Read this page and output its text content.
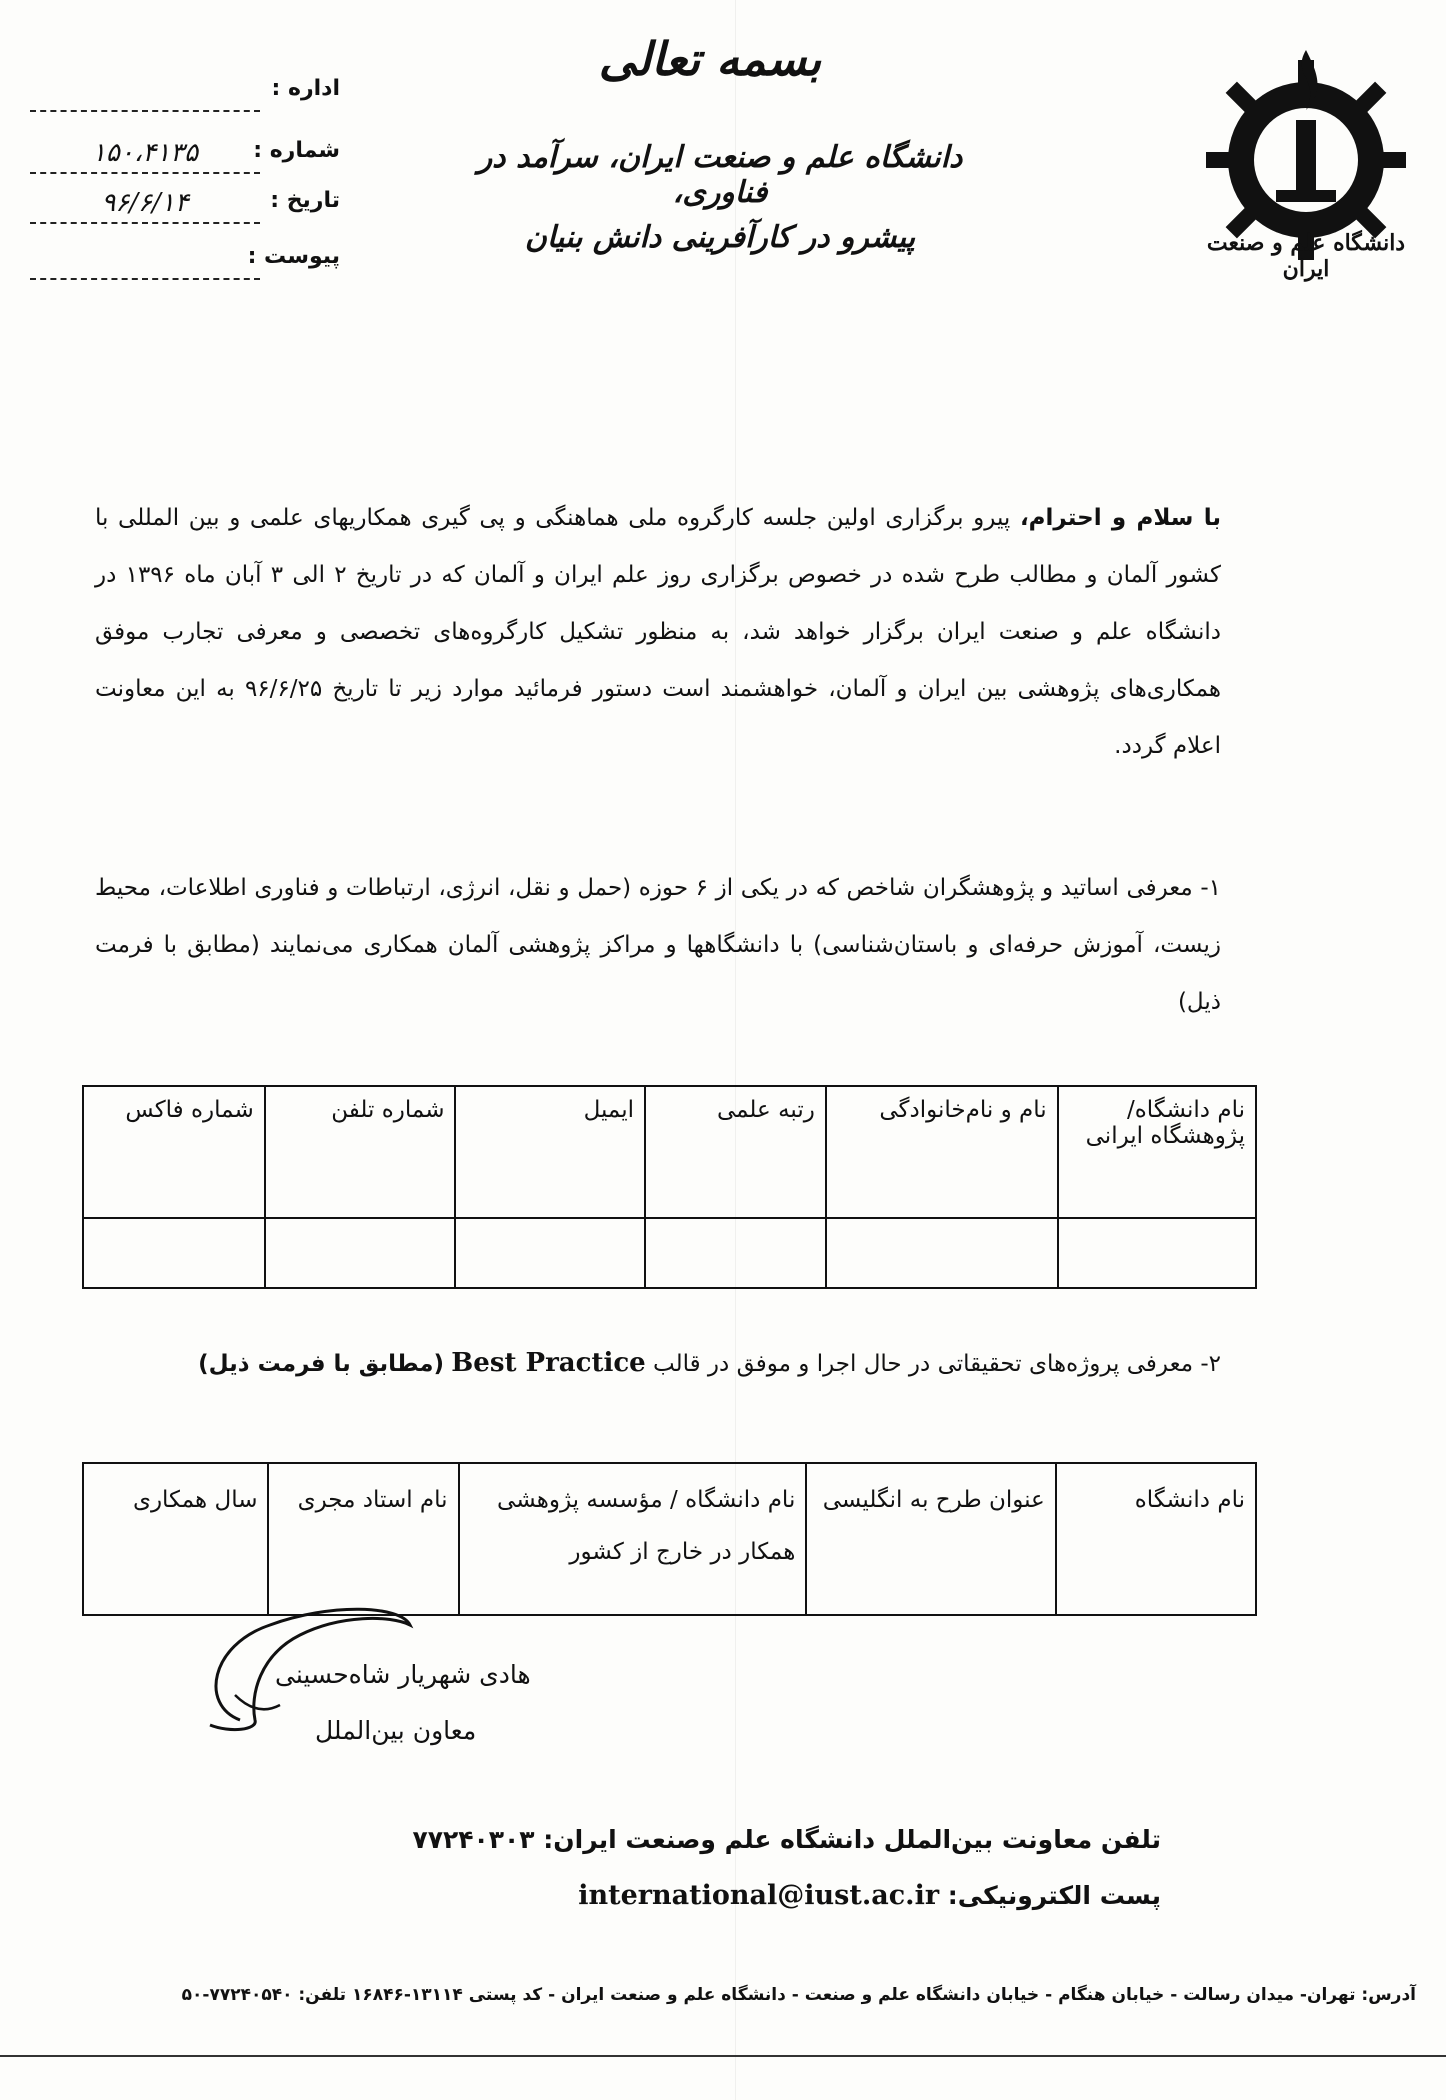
دانشگاه علم و صنعت ایران
بسمه تعالی
دانشگاه علم و صنعت ایران، سرآمد در فناوری،
پیشرو در کارآفرینی دانش بنیان
اداره :
شماره :
۱۵۰،۴۱۳۵
تاریخ :
۹۶/۶/۱۴
پیوست :
با سلام و احترام، پیرو برگزاری اولین جلسه کارگروه ملی هماهنگی و پی گیری همکاریهای علمی و بین المللی با کشور آلمان و مطالب طرح شده در خصوص برگزاری روز علم ایران و آلمان که در تاریخ ۲ الی ۳ آبان ماه ۱۳۹۶ در دانشگاه علم و صنعت ایران برگزار خواهد شد، به منظور تشکیل کارگروه‌های تخصصی و معرفی تجارب موفق همکاری‌های پژوهشی بین ایران و آلمان، خواهشمند است دستور فرمائید موارد زیر تا تاریخ ۹۶/۶/۲۵ به این معاونت اعلام گردد.
۱- معرفی اساتید و پژوهشگران شاخص که در یکی از ۶ حوزه (حمل و نقل، انرژی، ارتباطات و فناوری اطلاعات، محیط زیست، آموزش حرفه‌ای و باستان‌شناسی) با دانشگاهها و مراکز پژوهشی آلمان همکاری می‌نمایند (مطابق با فرمت ذیل)
نام دانشگاه/ پژوهشگاه ایرانی	نام و نام‌خانوادگی	رتبه علمی	ایمیل	شماره تلفن	شماره فاکس

۲- معرفی پروژه‌های تحقیقاتی در حال اجرا و موفق در قالب Best Practice (مطابق با فرمت ذیل)
نام دانشگاه	عنوان طرح به انگلیسی	نام دانشگاه / مؤسسه پژوهشی همکار در خارج از کشور	نام استاد مجری	سال همکاری
هادی شهریار شاه‌حسینی
معاون بین‌الملل
تلفن معاونت بین‌الملل دانشگاه علم وصنعت ایران: ۷۷۲۴۰۳۰۳
پست الکترونیکی: international@iust.ac.ir
آدرس: تهران- میدان رسالت - خیابان هنگام - خیابان دانشگاه علم و صنعت - دانشگاه علم و صنعت ایران - کد پستی ۱۳۱۱۴-۱۶۸۴۶ تلفن: ۷۷۲۴۰۵۴۰-۵۰
